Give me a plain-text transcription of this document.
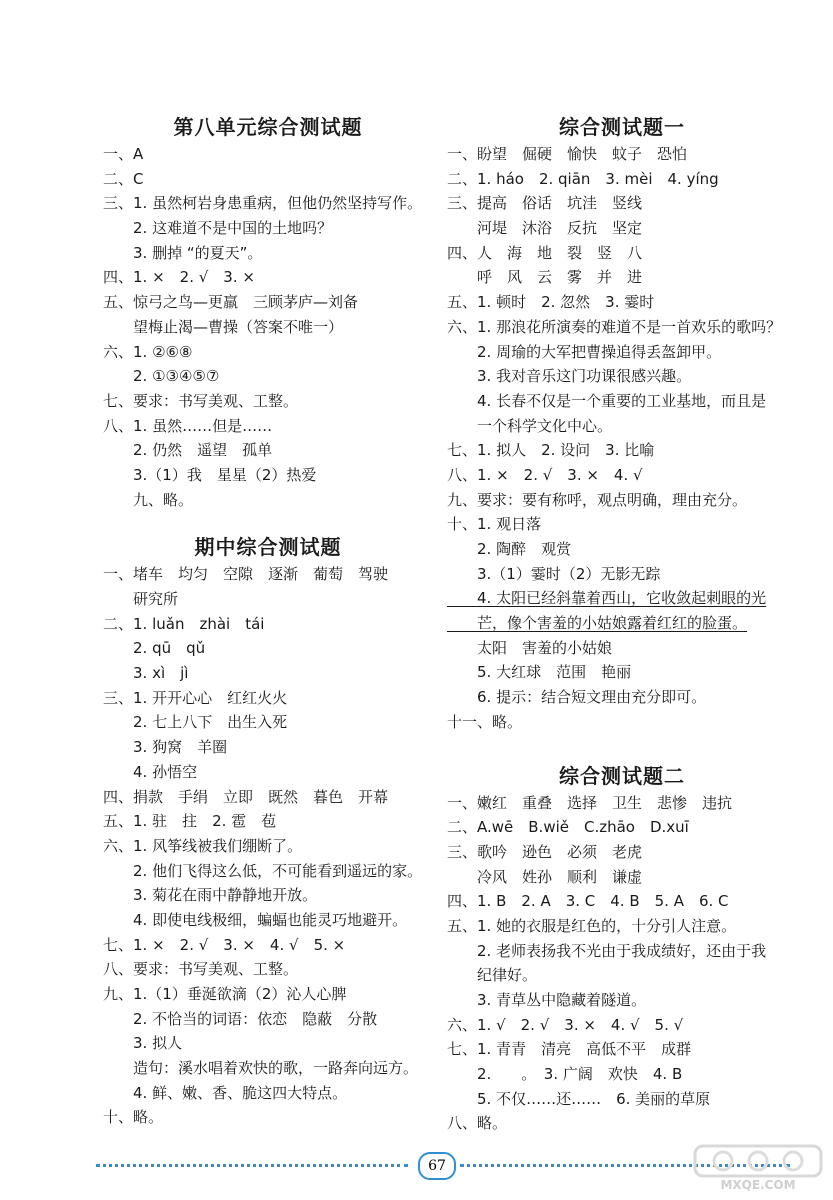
第八单元综合测试题
一、A
二、C
三、1. 虽然柯岩身患重病，但他仍然坚持写作。
　　2. 这难道不是中国的土地吗？
　　3. 删掉 “的夏天”。
四、1. ×　2. √　3. ×
五、惊弓之鸟—更羸　三顾茅庐—刘备
　　望梅止渴—曹操（答案不唯一）
六、1. ②⑥⑧
　　2. ①③④⑤⑦
七、要求：书写美观、工整。
八、1. 虽然……但是……
　　2. 仍然　遥望　孤单
　　3.（1）我　星星（2）热爱
　　九、略。
期中综合测试题
一、堵车　均匀　空隙　逐渐　葡萄　驾驶
　　研究所
二、1. luǎn　zhài　tái
　　2. qū　qǔ
　　3. xì　jì
三、1. 开开心心　红红火火
　　2. 七上八下　出生入死
　　3. 狗窝　羊圈
　　4. 孙悟空
四、捐款　手绢　立即　既然　暮色　开幕
五、1. 驻　拄　2. 雹　苞
六、1. 风筝线被我们绷断了。
　　2. 他们飞得这么低，不可能看到遥远的家。
　　3. 菊花在雨中静静地开放。
　　4. 即使电线极细，蝙蝠也能灵巧地避开。
七、1. ×　2. √　3. ×　4. √　5. ×
八、要求：书写美观、工整。
九、1.（1）垂涎欲滴（2）沁人心脾
　　2. 不恰当的词语：依恋　隐蔽　分散
　　3. 拟人
　　造句：溪水唱着欢快的歌，一路奔向远方。
　　4. 鲜、嫩、香、脆这四大特点。
十、略。
综合测试题一
一、盼望　倔硬　愉快　蚊子　恐怕
二、1. háo　2. qiān　3. mèi　4. yíng
三、提高　俗话　坑洼　竖线
　　河堤　沐浴　反抗　坚定
四、人　海　地　裂　竖　八
　　呼　风　云　雾　并　进
五、1. 顿时　2. 忽然　3. 霎时
六、1. 那浪花所演奏的难道不是一首欢乐的歌吗？
　　2. 周瑜的大军把曹操追得丢盔卸甲。
　　3. 我对音乐这门功课很感兴趣。
　　4. 长春不仅是一个重要的工业基地，而且是
　　一个科学文化中心。
七、1. 拟人　2. 设问　3. 比喻
八、1. ×　2. √　3. ×　4. √
九、要求：要有称呼，观点明确，理由充分。
十、1. 观日落
　　2. 陶醉　观赏
　　3.（1）霎时（2）无影无踪
　　4. 太阳已经斜靠着西山，它收敛起刺眼的光
　　芒，像个害羞的小姑娘露着红红的脸蛋。
　　太阳　害羞的小姑娘
　　5. 大红球　范围　艳丽
　　6. 提示：结合短文理由充分即可。
十一、略。
综合测试题二
一、嫩红　重叠　选择　卫生　悲惨　违抗
二、A.wē　B.wiě　C.zhāo　D.xuī
三、歌吟　逊色　必须　老虎
　　冷风　姓孙　顺利　谦虚
四、1. B　2. A　3. C　4. B　5. A　6. C
五、1. 她的衣服是红色的，十分引人注意。
　　2. 老师表扬我不光由于我成绩好，还由于我
　　纪律好。
　　3. 青草丛中隐藏着隧道。
六、1. √　2. √　3. ×　4. √　5. √
七、1. 青青　清亮　高低不平　成群
　　2.　　。　3. 广阔　欢快　4. B
　　5. 不仅……还……　6. 美丽的草原
八、略。
67
MXQE.COM
